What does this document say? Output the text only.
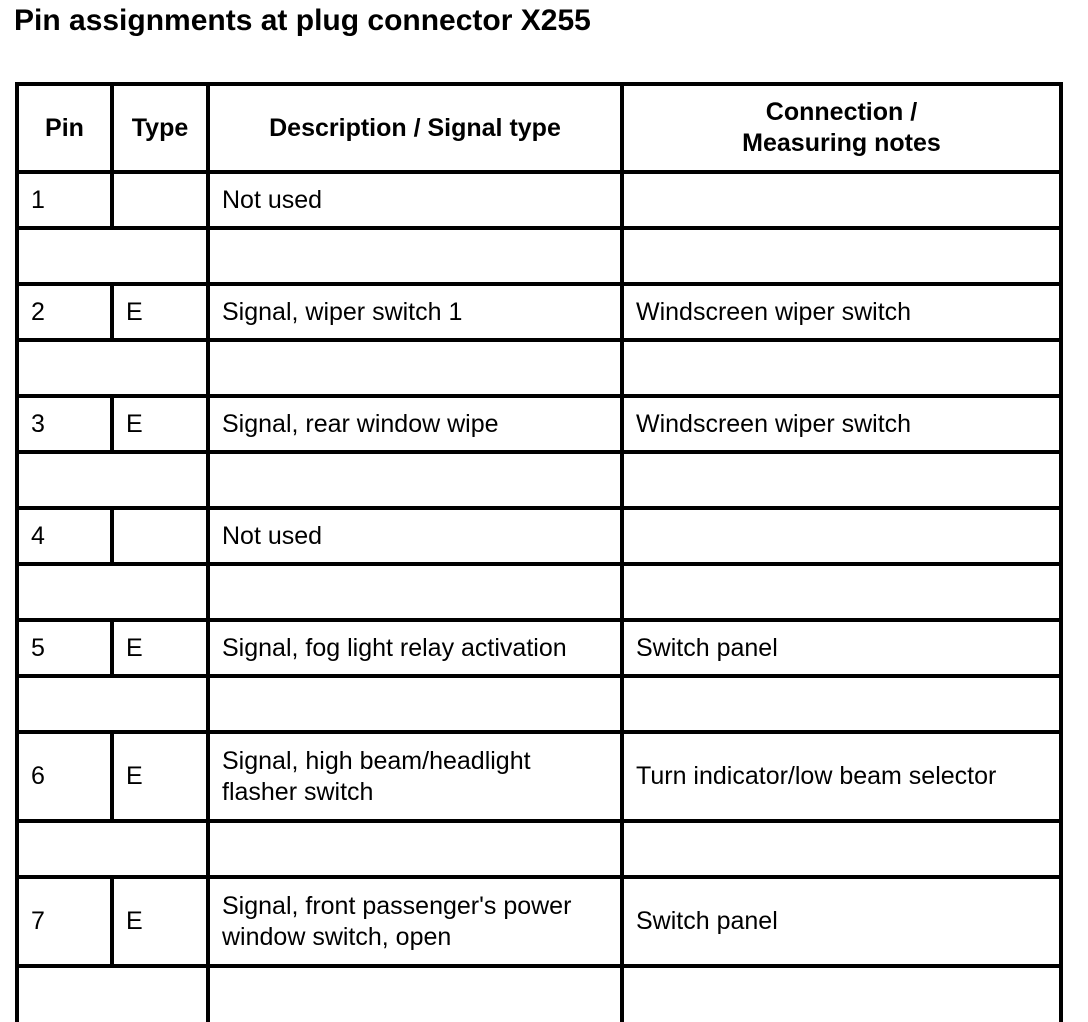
Pin assignments at plug connector X255
Pin	Type	Description / Signal type	Connection /
Measuring notes

1		Not used	

2	E	Signal, wiper switch 1	Windscreen wiper switch

3	E	Signal, rear window wipe	Windscreen wiper switch

4		Not used	

5	E	Signal, fog light relay activation	Switch panel

6	E	Signal, high beam/headlight
flasher switch	Turn indicator/low beam selector

7	E	Signal, front passenger's power
window switch, open	Switch panel
